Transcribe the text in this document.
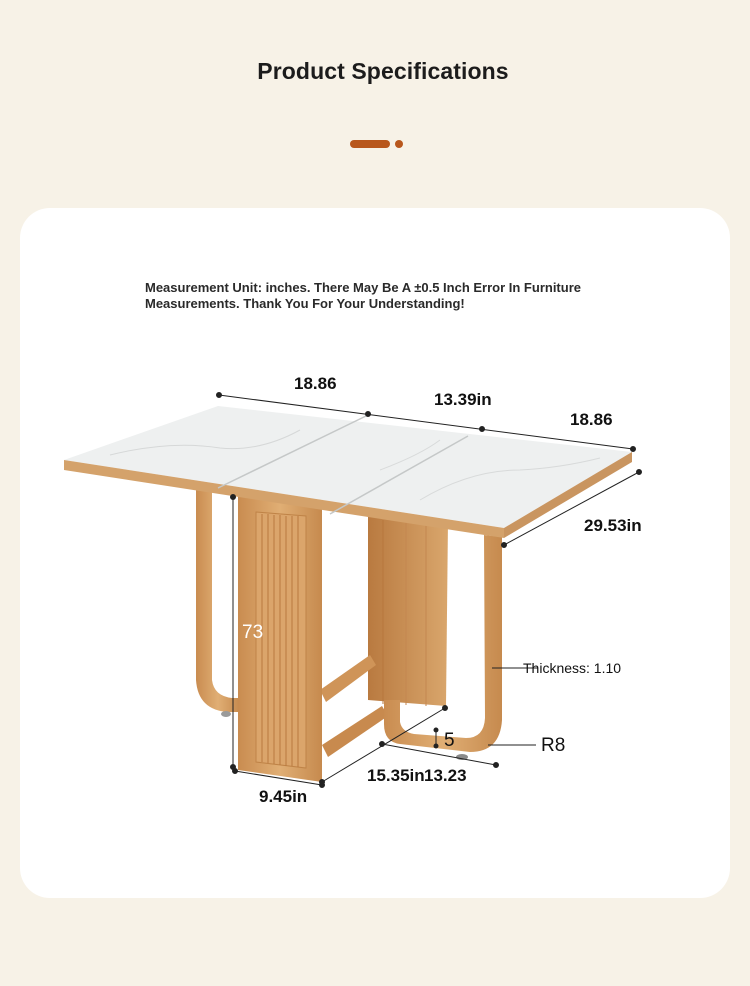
Product Specifications
Measurement Unit: inches. There May Be A ±0.5 Inch Error In Furniture Measurements. Thank You For Your Understanding!
18.86
13.39in
18.86
29.53in
73
Thickness: 1.10
R8
5
15.35in 13.23
9.45in
